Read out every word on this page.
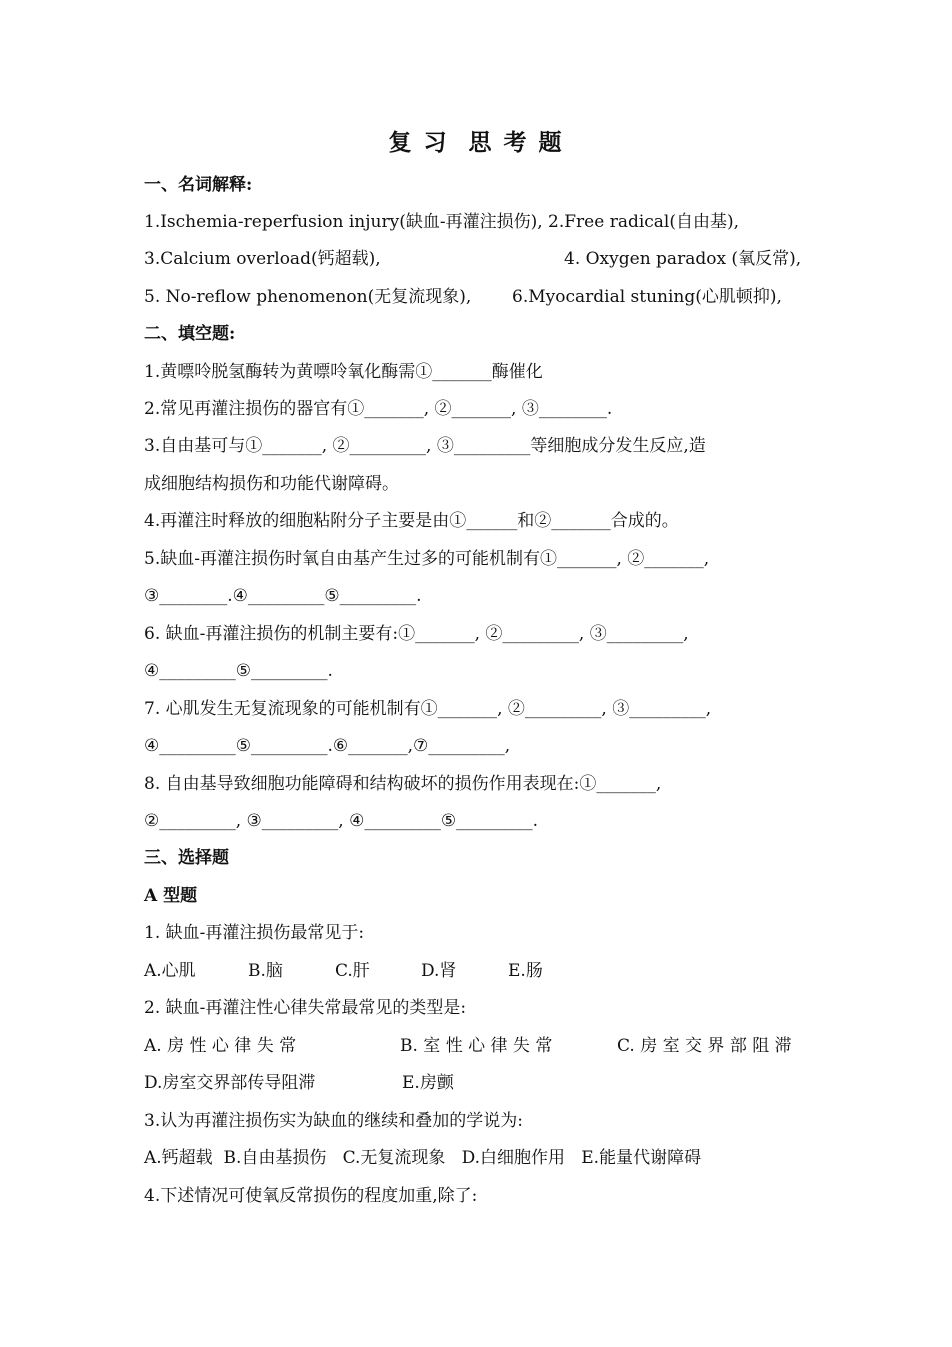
复 习  思 考 题
一、名词解释:
1.Ischemia-reperfusion injury(缺血-再灌注损伤), 2.Free radical(自由基),
3.Calcium overload(钙超载),	4. Oxygen paradox (氧反常),
5. No-reflow phenomenon(无复流现象), 6.Myocardial stuning(心肌顿抑),
二、填空题:
1.黄嘌呤脱氢酶转为黄嘌呤氧化酶需①_______酶催化
2.常见再灌注损伤的器官有①_______, ②_______, ③________.
3.自由基可与①_______, ②_________, ③_________等细胞成分发生反应,造
成细胞结构损伤和功能代谢障碍。
4.再灌注时释放的细胞粘附分子主要是由①______和②_______合成的。
5.缺血-再灌注损伤时氧自由基产生过多的可能机制有①_______, ②_______,
③________.④_________⑤_________.
6. 缺血-再灌注损伤的机制主要有:①_______, ②_________, ③_________,
④_________⑤_________.
7. 心肌发生无复流现象的可能机制有①_______, ②_________, ③_________,
④_________⑤_________.⑥_______,⑦_________,
8. 自由基导致细胞功能障碍和结构破坏的损伤作用表现在:①_______,
②_________, ③_________, ④_________⑤_________.
三、选择题
A 型题
1. 缺血-再灌注损伤最常见于:
A.心肌	B.脑	C.肝	D.肾	E.肠
2. 缺血-再灌注性心律失常最常见的类型是:
A. 房 性 心 律 失 常	B. 室 性 心 律 失 常	C. 房 室 交 界 部 阻 滞
D.房室交界部传导阻滞	E.房颤
3.认为再灌注损伤实为缺血的继续和叠加的学说为:
A.钙超载  B.自由基损伤   C.无复流现象   D.白细胞作用   E.能量代谢障碍
4.下述情况可使氧反常损伤的程度加重,除了:
